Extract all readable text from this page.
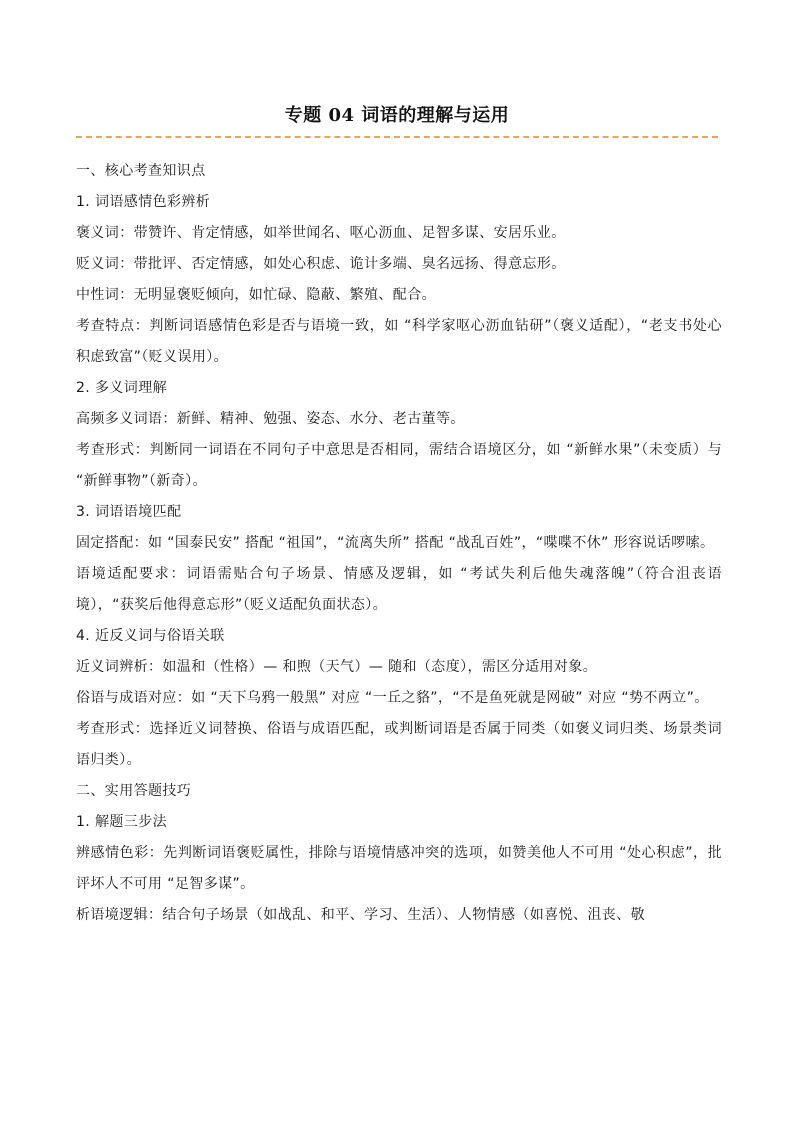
专题 04 词语的理解与运用

一、核心考查知识点

1. 词语感情色彩辨析

褒义词：带赞许、肯定情感，如举世闻名、呕心沥血、足智多谋、安居乐业。

贬义词：带批评、否定情感，如处心积虑、诡计多端、臭名远扬、得意忘形。

中性词：无明显褒贬倾向，如忙碌、隐蔽、繁殖、配合。

考查特点：判断词语感情色彩是否与语境一致，如 “科学家呕心沥血钻研”（褒义适配），“老支书处心积虑致富”（贬义误用）。

2. 多义词理解

高频多义词语：新鲜、精神、勉强、姿态、水分、老古董等。

考查形式：判断同一词语在不同句子中意思是否相同，需结合语境区分，如 “新鲜水果”（未变质）与 “新鲜事物”（新奇）。

3. 词语语境匹配

固定搭配：如 “国泰民安” 搭配 “祖国”，“流离失所” 搭配 “战乱百姓”，“喋喋不休” 形容说话啰嗦。

语境适配要求：词语需贴合句子场景、情感及逻辑，如 “考试失利后他失魂落魄”（符合沮丧语境），“获奖后他得意忘形”（贬义适配负面状态）。

4. 近反义词与俗语关联

近义词辨析：如温和（性格）— 和煦（天气）— 随和（态度），需区分适用对象。

俗语与成语对应：如 “天下乌鸦一般黑” 对应 “一丘之貉”，“不是鱼死就是网破” 对应 “势不两立”。

考查形式：选择近义词替换、俗语与成语匹配，或判断词语是否属于同类（如褒义词归类、场景类词语归类）。

二、实用答题技巧

1. 解题三步法

辨感情色彩：先判断词语褒贬属性，排除与语境情感冲突的选项，如赞美他人不可用 “处心积虑”，批评坏人不可用 “足智多谋”。

析语境逻辑：结合句子场景（如战乱、和平、学习、生活）、人物情感（如喜悦、沮丧、敬
